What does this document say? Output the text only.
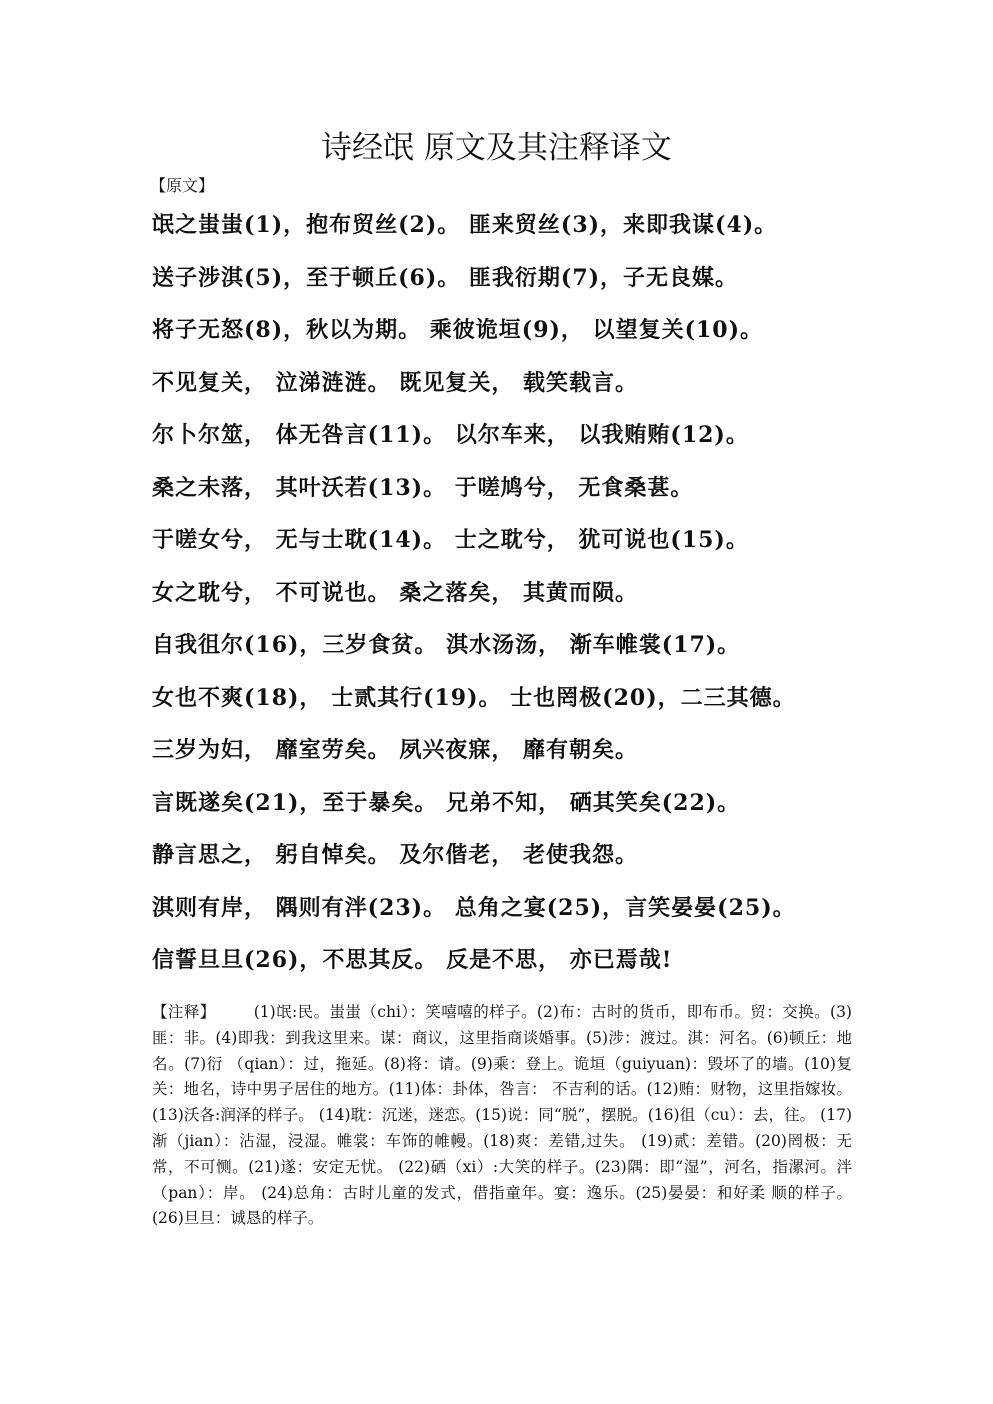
诗经氓 原文及其注释译文
【原文】
氓之蚩蚩(1)，抱布贸丝(2)。 匪来贸丝(3)，来即我谋(4)。
送子涉淇(5)，至于顿丘(6)。 匪我衍期(7)，子无良媒。
将子无怒(8)，秋以为期。 乘彼诡垣(9)， 以望复关(10)。
不见复关， 泣涕涟涟。 既见复关， 载笑载言。
尔卜尔筮， 体无咎言(11)。 以尔车来， 以我贿贿(12)。
桑之未落， 其叶沃若(13)。 于嗟鸠兮， 无食桑葚。
于嗟女兮， 无与士耽(14)。 士之耽兮， 犹可说也(15)。
女之耽兮， 不可说也。 桑之落矣， 其黄而陨。
自我徂尔(16)，三岁食贫。 淇水汤汤， 渐车帷裳(17)。
女也不爽(18)， 士贰其行(19)。 士也罔极(20)，二三其德。
三岁为妇， 靡室劳矣。 夙兴夜寐， 靡有朝矣。
言既遂矣(21)，至于暴矣。 兄弟不知， 硒其笑矣(22)。
静言思之， 躬自悼矣。 及尔偕老， 老使我怨。
淇则有岸， 隅则有泮(23)。 总角之宴(25)，言笑晏晏(25)。
信誓旦旦(26)，不思其反。 反是不思， 亦已焉哉!
【注释】 (1)氓:民。蚩蚩（chi）：笑嘻嘻的样子。(2)布：古时的货币，即布币。贸：交换。(3)匪：非。(4)即我：到我这里来。谋：商议，这里指商谈婚事。(5)涉：渡过。淇：河名。(6)顿丘：地名。(7)衍 （qian）：过，拖延。(8)将：请。(9)乘：登上。诡垣（guiyuan)：毁坏了的墙。(10)复关：地名，诗中男子居住的地方。(11)体：卦体，咎言： 不吉利的话。(12)贿：财物，这里指嫁妆。(13)沃各:润泽的样子。 (14)耽：沉迷，迷恋。(15)说：同“脱”，摆脱。(16)徂（cu）：去，往。 (17)渐（jian）：沾湿，浸湿。帷裳：车饰的帷幔。(18)爽：差错,过失。 (19)贰：差错。(20)罔极：无常，不可恻。(21)遂：安定无忧。 (22)硒（xi）:大笑的样子。(23)隅：即“湿”，河名，指漯河。泮（pan）：岸。 (24)总角：古时儿童的发式，借指童年。宴：逸乐。(25)晏晏：和好柔 顺的样子。(26)旦旦：诚恳的样子。
